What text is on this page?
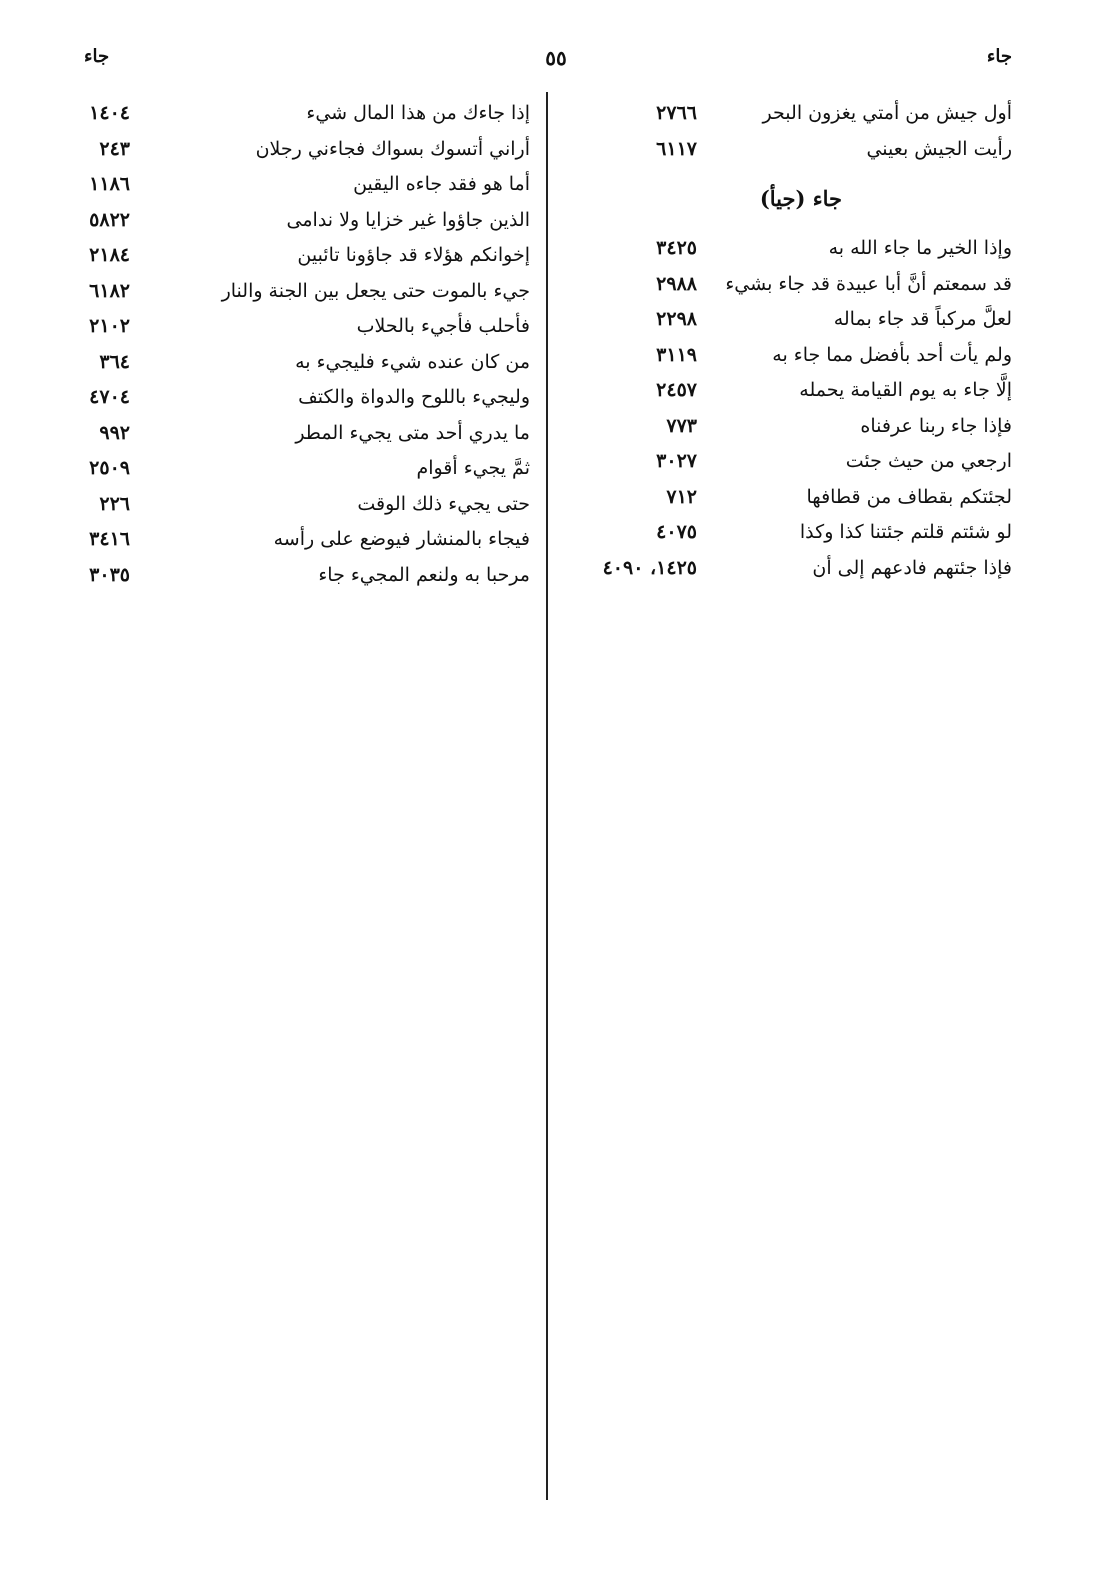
جاء
٥٥
جاء
أول جيش من أمتي يغزون البحر
٢٧٦٦
رأيت الجيش بعيني
٦١١٧
جاء (جيأ)
وإذا الخير ما جاء الله به
٣٤٢٥
قد سمعتم أنَّ أبا عبيدة قد جاء بشيء
٢٩٨٨
لعلَّ مركباً قد جاء بماله
٢٢٩٨
ولم يأت أحد بأفضل مما جاء به
٣١١٩
إلَّا جاء به يوم القيامة يحمله
٢٤٥٧
فإذا جاء ربنا عرفناه
٧٧٣
ارجعي من حيث جئت
٣٠٢٧
لجئتكم بقطاف من قطافها
٧١٢
لو شئتم قلتم جئتنا كذا وكذا
٤٠٧٥
فإذا جئتهم فادعهم إلى أن
١٤٢٥، ٤٠٩٠
إذا جاءك من هذا المال شيء
١٤٠٤
أراني أتسوك بسواك فجاءني رجلان
٢٤٣
أما هو فقد جاءه اليقين
١١٨٦
الذين جاؤوا غير خزايا ولا ندامى
٥٨٢٢
إخوانكم هؤلاء قد جاؤونا تائبين
٢١٨٤
جيء بالموت حتى يجعل بين الجنة والنار
٦١٨٢
فأحلب فأجيء بالحلاب
٢١٠٢
من كان عنده شيء فليجيء به
٣٦٤
وليجيء باللوح والدواة والكتف
٤٧٠٤
ما يدري أحد متى يجيء المطر
٩٩٢
ثمَّ يجيء أقوام
٢٥٠٩
حتى يجيء ذلك الوقت
٢٢٦
فيجاء بالمنشار فيوضع على رأسه
٣٤١٦
مرحبا به ولنعم المجيء جاء
٣٠٣٥
